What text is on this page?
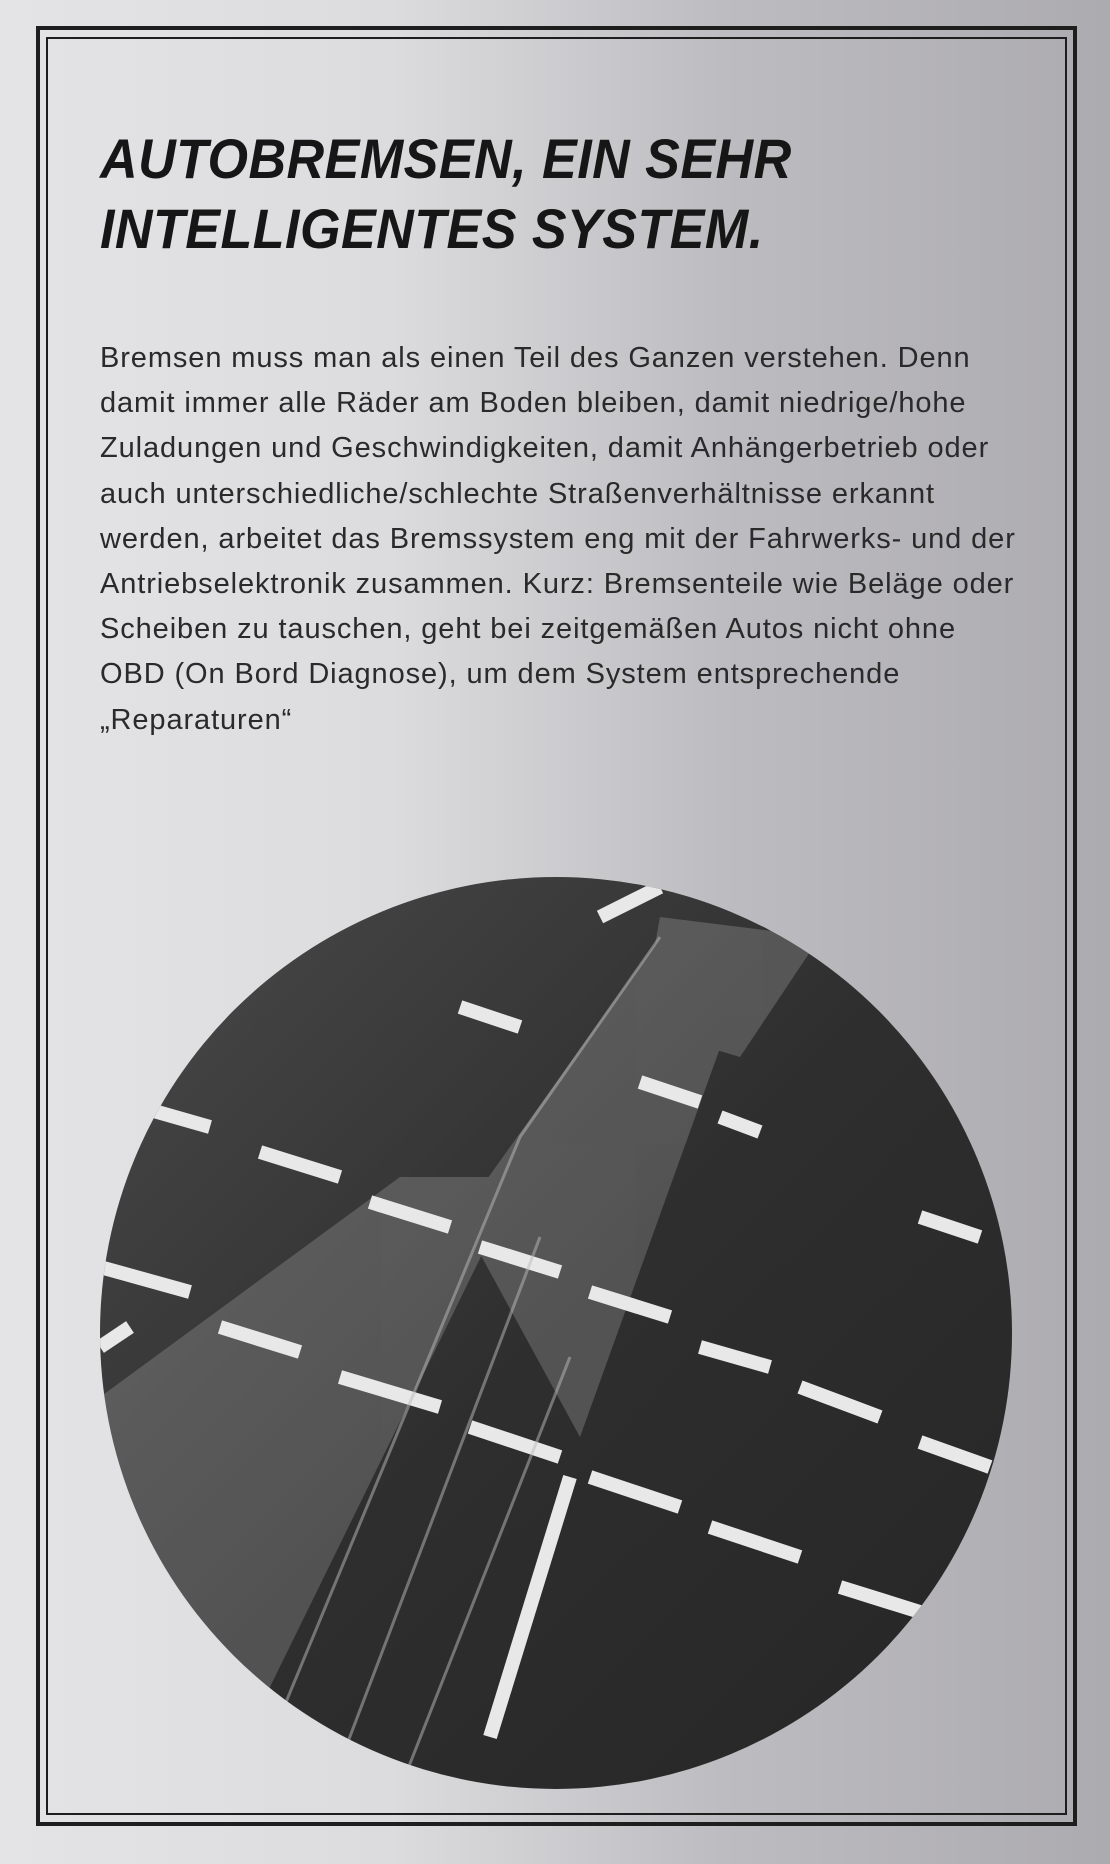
AUTOBREMSEN, EIN SEHR
INTELLIGENTES SYSTEM.

Bremsen muss man als einen Teil des Ganzen verstehen. Denn damit immer alle Räder am Boden bleiben, damit niedrige/hohe Zuladungen und Geschwindigkeiten, damit Anhängerbetrieb oder auch unterschiedliche/schlechte Straßenverhältnisse erkannt werden, arbeitet das Bremssystem eng mit der Fahrwerks- und der Antriebselektronik zusammen. Kurz: Bremsenteile wie Beläge oder Scheiben zu tauschen, geht bei zeitgemäßen Autos nicht ohne OBD (On Bord Diagnose), um dem System entsprechende „Reparaturen“
